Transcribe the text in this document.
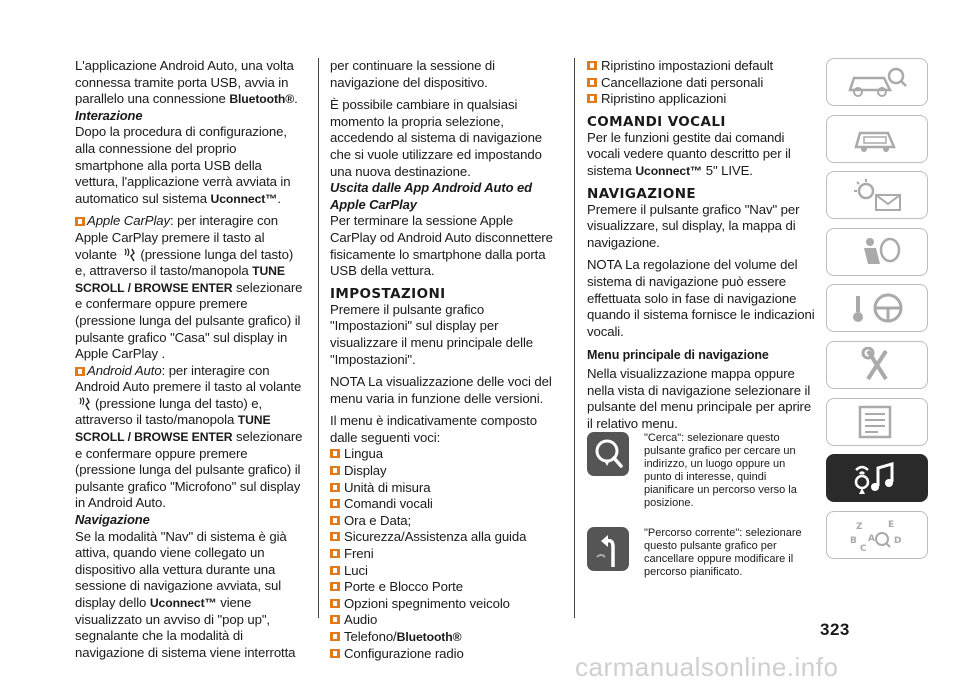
L'applicazione Android Auto, una volta connessa tramite porta USB, avvia in parallelo una connessione Bluetooth®.

Interazione

Dopo la procedura di configurazione, alla connessione del proprio smartphone alla porta USB della vettura, l'applicazione verrà avviata in automatico sul sistema Uconnect™.

Apple CarPlay: per interagire con Apple CarPlay premere il tasto al volante (pressione lunga del tasto) e, attraverso il tasto/manopola TUNE SCROLL / BROWSE ENTER selezionare e confermare oppure premere (pressione lunga del pulsante grafico) il pulsante grafico "Casa" sul display in Apple CarPlay .

Android Auto: per interagire con Android Auto premere il tasto al volante (pressione lunga del tasto) e, attraverso il tasto/manopola TUNE SCROLL / BROWSE ENTER selezionare e confermare oppure premere (pressione lunga del pulsante grafico) il pulsante grafico "Microfono" sul display in Android Auto.

Navigazione

Se la modalità "Nav" di sistema è già attiva, quando viene collegato un dispositivo alla vettura durante una sessione di navigazione avviata, sul display dello Uconnect™ viene visualizzato un avviso di "pop up", segnalante che la modalità di navigazione di sistema viene interrotta

per continuare la sessione di navigazione del dispositivo.

È possibile cambiare in qualsiasi momento la propria selezione, accedendo al sistema di navigazione che si vuole utilizzare ed impostando una nuova destinazione.

Uscita dalle App Android Auto ed Apple CarPlay

Per terminare la sessione Apple CarPlay od Android Auto disconnettere fisicamente lo smartphone dalla porta USB della vettura.

IMPOSTAZIONI

Premere il pulsante grafico "Impostazioni" sul display per visualizzare il menu principale delle "Impostazioni".

NOTA La visualizzazione delle voci del menu varia in funzione delle versioni.

Il menu è indicativamente composto dalle seguenti voci:

Lingua
Display
Unità di misura
Comandi vocali
Ora e Data;
Sicurezza/Assistenza alla guida
Freni
Luci
Porte e Blocco Porte
Opzioni spegnimento veicolo
Audio
Telefono/Bluetooth®
Configurazione radio
Ripristino impostazioni default
Cancellazione dati personali
Ripristino applicazioni

COMANDI VOCALI

Per le funzioni gestite dai comandi vocali vedere quanto descritto per il sistema Uconnect™ 5" LIVE.

NAVIGAZIONE

Premere il pulsante grafico "Nav" per visualizzare, sul display, la mappa di navigazione.

NOTA La regolazione del volume del sistema di navigazione può essere effettuata solo in fase di navigazione quando il sistema fornisce le indicazioni vocali.

Menu principale di navigazione

Nella visualizzazione mappa oppure nella vista di navigazione selezionare il pulsante del menu principale per aprire il relativo menu.

"Cerca": selezionare questo pulsante grafico per cercare un indirizzo, un luogo oppure un punto di interesse, quindi pianificare un percorso verso la posizione.
"Percorso corrente": selezionare questo pulsante grafico per cancellare oppure modificare il percorso pianificato.
Z	E
B A
C
D
323
carmanualsonline.info
